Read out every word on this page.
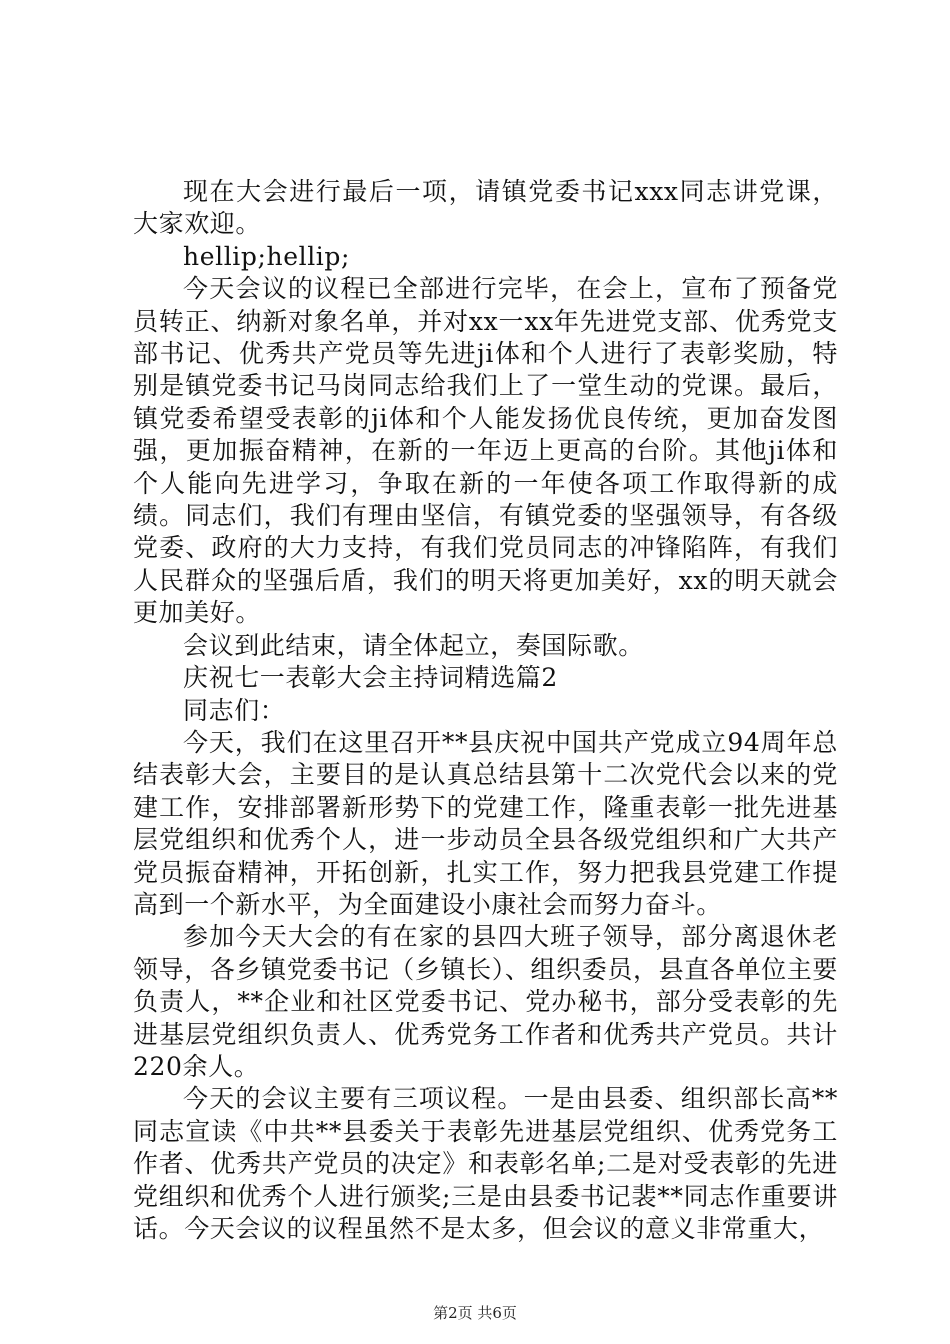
现在大会进行最后一项，请镇党委书记xxx同志讲党课，大家欢迎。

hellip;hellip;

今天会议的议程已全部进行完毕，在会上，宣布了预备党员转正、纳新对象名单，并对xx一xx年先进党支部、优秀党支部书记、优秀共产党员等先进ji体和个人进行了表彰奖励，特别是镇党委书记马岗同志给我们上了一堂生动的党课。最后，镇党委希望受表彰的ji体和个人能发扬优良传统，更加奋发图强，更加振奋精神，在新的一年迈上更高的台阶。其他ji体和个人能向先进学习，争取在新的一年使各项工作取得新的成绩。同志们，我们有理由坚信，有镇党委的坚强领导，有各级党委、政府的大力支持，有我们党员同志的冲锋陷阵，有我们人民群众的坚强后盾，我们的明天将更加美好，xx的明天就会更加美好。

会议到此结束，请全体起立，奏国际歌。

庆祝七一表彰大会主持词精选篇2

同志们：

今天，我们在这里召开**县庆祝中国共产党成立94周年总结表彰大会，主要目的是认真总结县第十二次党代会以来的党建工作，安排部署新形势下的党建工作，隆重表彰一批先进基层党组织和优秀个人，进一步动员全县各级党组织和广大共产党员振奋精神，开拓创新，扎实工作，努力把我县党建工作提高到一个新水平，为全面建设小康社会而努力奋斗。

参加今天大会的有在家的县四大班子领导，部分离退休老领导，各乡镇党委书记（乡镇长）、组织委员，县直各单位主要负责人，**企业和社区党委书记、党办秘书，部分受表彰的先进基层党组织负责人、优秀党务工作者和优秀共产党员。共计220余人。

今天的会议主要有三项议程。一是由县委、组织部长高**同志宣读《中共**县委关于表彰先进基层党组织、优秀党务工作者、优秀共产党员的决定》和表彰名单;二是对受表彰的先进党组织和优秀个人进行颁奖;三是由县委书记裴**同志作重要讲话。今天会议的议程虽然不是太多，但会议的意义非常重大，

第2页 共6页
